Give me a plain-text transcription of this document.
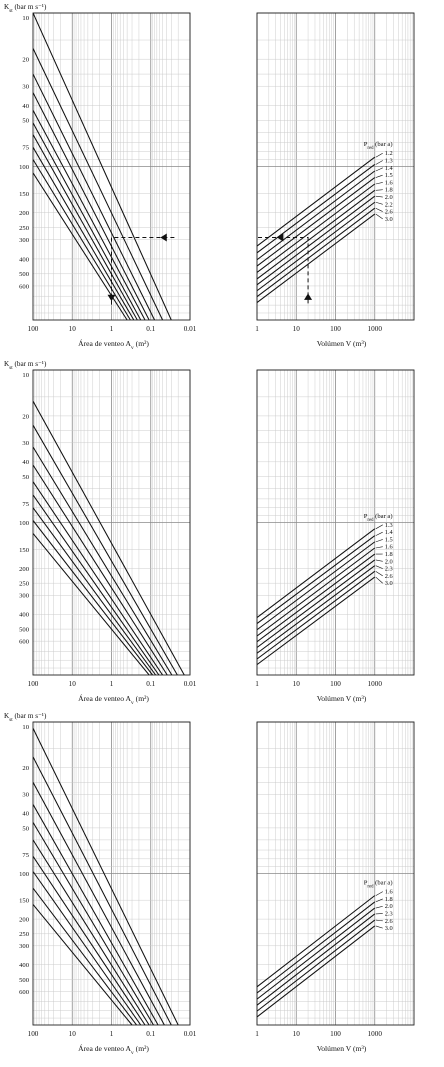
100	10	1	0.1	0.01
Área de venteo $A_v$ (m²)
$K_{st}$ (bar m s⁻¹)
10
20
30
40
50
75
100
150
200
250
300
400
500
600
1	10	100	1000
Volúmen V (m³)
$P_{red}$ (bar a)
1.2
1.3
1.4
1.5
1.6
1.8
2.0
2.2
2.6
3.0
100	10	1	0.1	0.01
Área de venteo $A_v$ (m²)
$K_{st}$ (bar m s⁻¹)
10
20
30
40
50
75
100
150
200
250
300
400
500
600
1	10	100	1000
Volúmen V (m³)
$P_{red}$ (bar a)
1.3
1.4
1.5
1.6
1.8
2.0
2.3
2.6
3.0
100	10	1	0.1	0.01
Área de venteo $A_v$ (m²)
$K_{st}$ (bar m s⁻¹)
10
20
30
40
50
75
100
150
200
250
300
400
500
600
1	10	100	1000
Volúmen V (m³)
$P_{red}$ (bar a)
1.6
1.8
2.0
2.3
2.6
3.0
